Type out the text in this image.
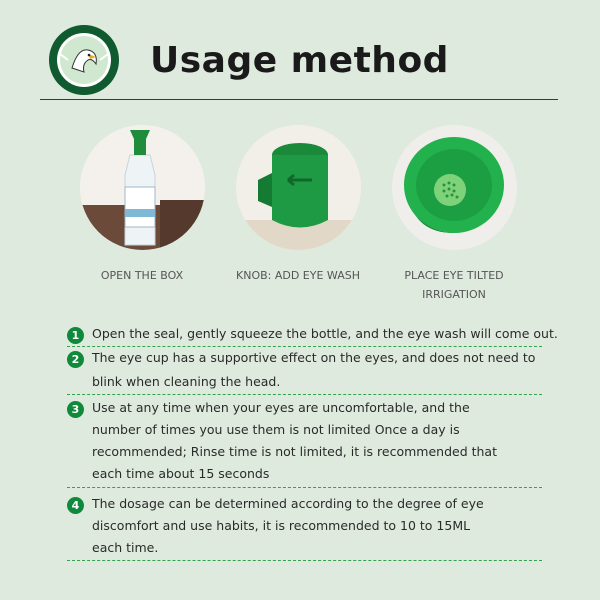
Usage method
OPEN THE BOX	KNOB: ADD EYE WASH	PLACE EYE TILTED
IRRIGATION
1	Open the seal, gently squeeze the bottle, and the eye wash will come out.
2	The eye cup has a supportive effect on the eyes, and does not need to
blink when cleaning the head.
3	Use at any time when your eyes are uncomfortable, and the
number of times you use them is not limited Once a day is
recommended; Rinse time is not limited, it is recommended that
each time about 15 seconds
4	The dosage can be determined according to the degree of eye
discomfort and use habits, it is recommended to 10 to 15ML
each time.
